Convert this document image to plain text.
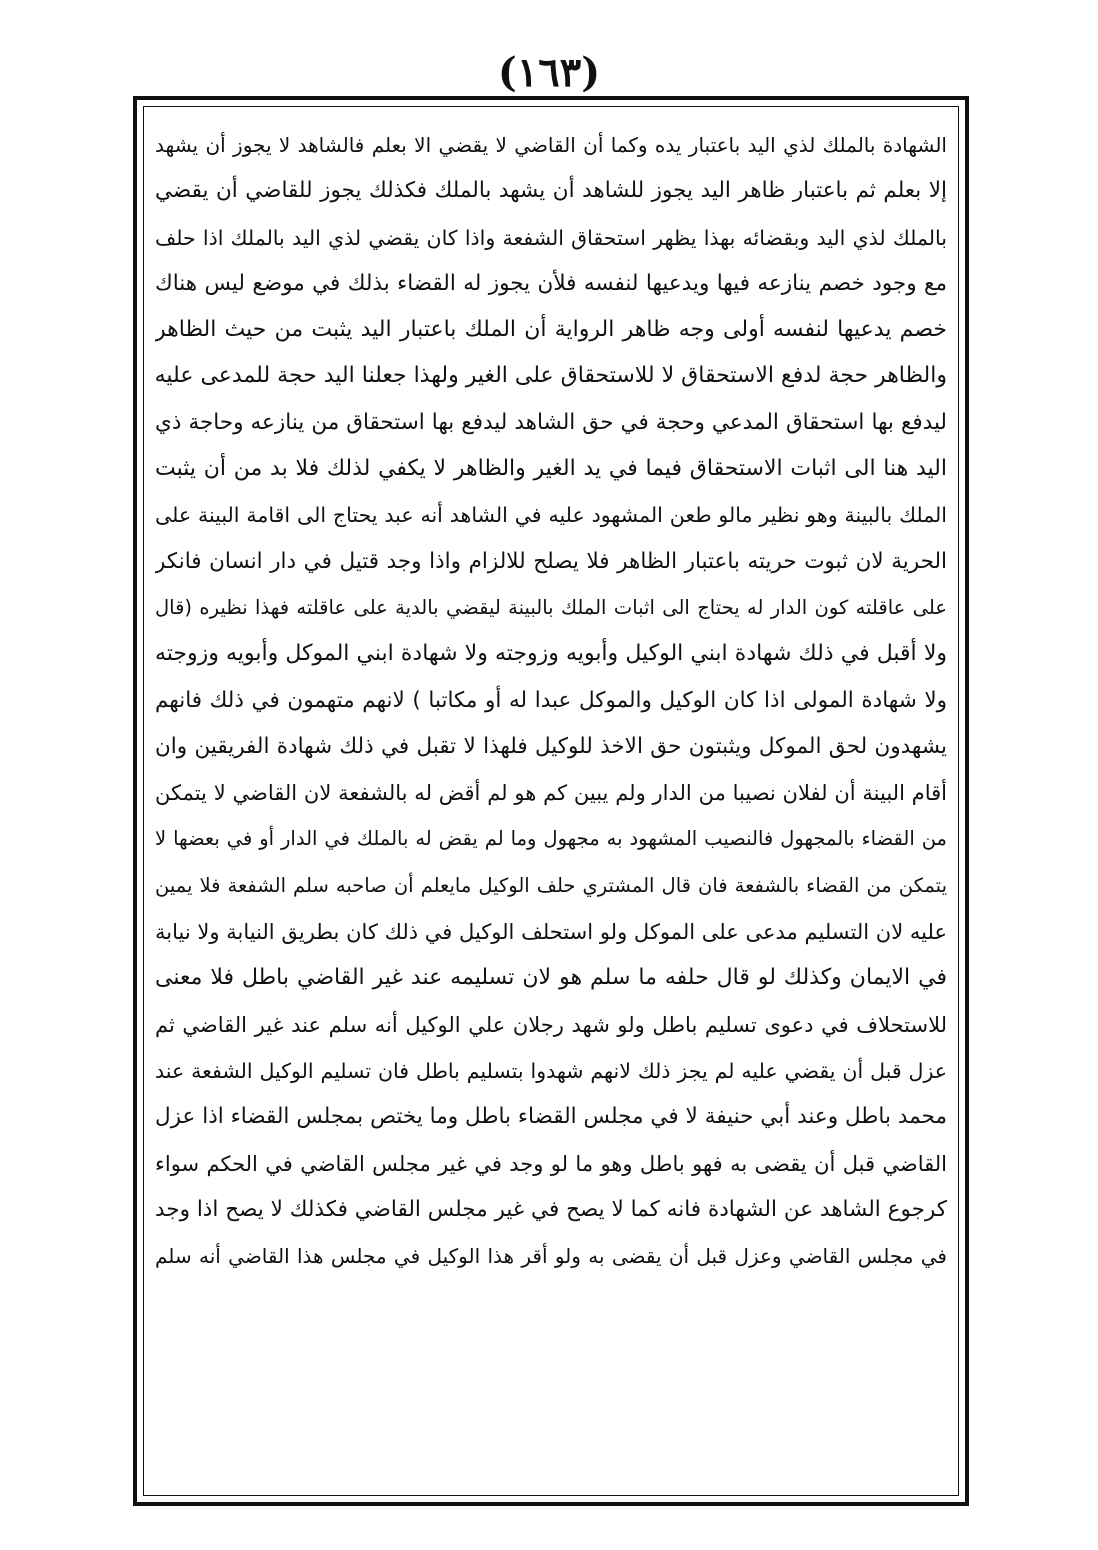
(١٦٣)
الشهادة بالملك لذي اليد باعتبار يده وكما أن القاضي لا يقضي الا بعلم فالشاهد لا يجوز أن يشهد
إلا بعلم ثم باعتبار ظاهر اليد يجوز للشاهد أن يشهد بالملك فكذلك يجوز للقاضي أن يقضي
بالملك لذي اليد وبقضائه بهذا يظهر استحقاق الشفعة واذا كان يقضي لذي اليد بالملك اذا حلف
مع وجود خصم ينازعه فيها ويدعيها لنفسه فلأن يجوز له القضاء بذلك في موضع ليس هناك
خصم يدعيها لنفسه أولى وجه ظاهر الرواية أن الملك باعتبار اليد يثبت من حيث الظاهر
والظاهر حجة لدفع الاستحقاق لا للاستحقاق على الغير ولهذا جعلنا اليد حجة للمدعى عليه
ليدفع بها استحقاق المدعي وحجة في حق الشاهد ليدفع بها استحقاق من ينازعه وحاجة ذي
اليد هنا الى اثبات الاستحقاق فيما في يد الغير والظاهر لا يكفي لذلك فلا بد من أن يثبت
الملك بالبينة وهو نظير مالو طعن المشهود عليه في الشاهد أنه عبد يحتاج الى اقامة البينة على
الحرية لان ثبوت حريته باعتبار الظاهر فلا يصلح للالزام واذا وجد قتيل في دار انسان فانكر
على عاقلته كون الدار له يحتاج الى اثبات الملك بالبينة ليقضي بالدية على عاقلته فهذا نظيره (قال
ولا أقبل في ذلك شهادة ابني الوكيل وأبويه وزوجته ولا شهادة ابني الموكل وأبويه وزوجته
ولا شهادة المولى اذا كان الوكيل والموكل عبدا له أو مكاتبا ) لانهم متهمون في ذلك فانهم
يشهدون لحق الموكل ويثبتون حق الاخذ للوكيل فلهذا لا تقبل في ذلك شهادة الفريقين وان
أقام البينة أن لفلان نصيبا من الدار ولم يبين كم هو لم أقض له بالشفعة لان القاضي لا يتمكن
من القضاء بالمجهول فالنصيب المشهود به مجهول وما لم يقض له بالملك في الدار أو في بعضها لا
يتمكن من القضاء بالشفعة فان قال المشتري حلف الوكيل مايعلم أن صاحبه سلم الشفعة فلا يمين
عليه لان التسليم مدعى على الموكل ولو استحلف الوكيل في ذلك كان بطريق النيابة ولا نيابة
في الايمان وكذلك لو قال حلفه ما سلم هو لان تسليمه عند غير القاضي باطل فلا معنى
للاستحلاف في دعوى تسليم باطل ولو شهد رجلان علي الوكيل أنه سلم عند غير القاضي ثم
عزل قبل أن يقضي عليه لم يجز ذلك لانهم شهدوا بتسليم باطل فان تسليم الوكيل الشفعة عند
محمد باطل وعند أبي حنيفة لا في مجلس القضاء باطل وما يختص بمجلس القضاء اذا عزل
القاضي قبل أن يقضى به فهو باطل وهو ما لو وجد في غير مجلس القاضي في الحكم سواء
كرجوع الشاهد عن الشهادة فانه كما لا يصح في غير مجلس القاضي فكذلك لا يصح اذا وجد
في مجلس القاضي وعزل قبل أن يقضى به ولو أقر هذا الوكيل في مجلس هذا القاضي أنه سلم
